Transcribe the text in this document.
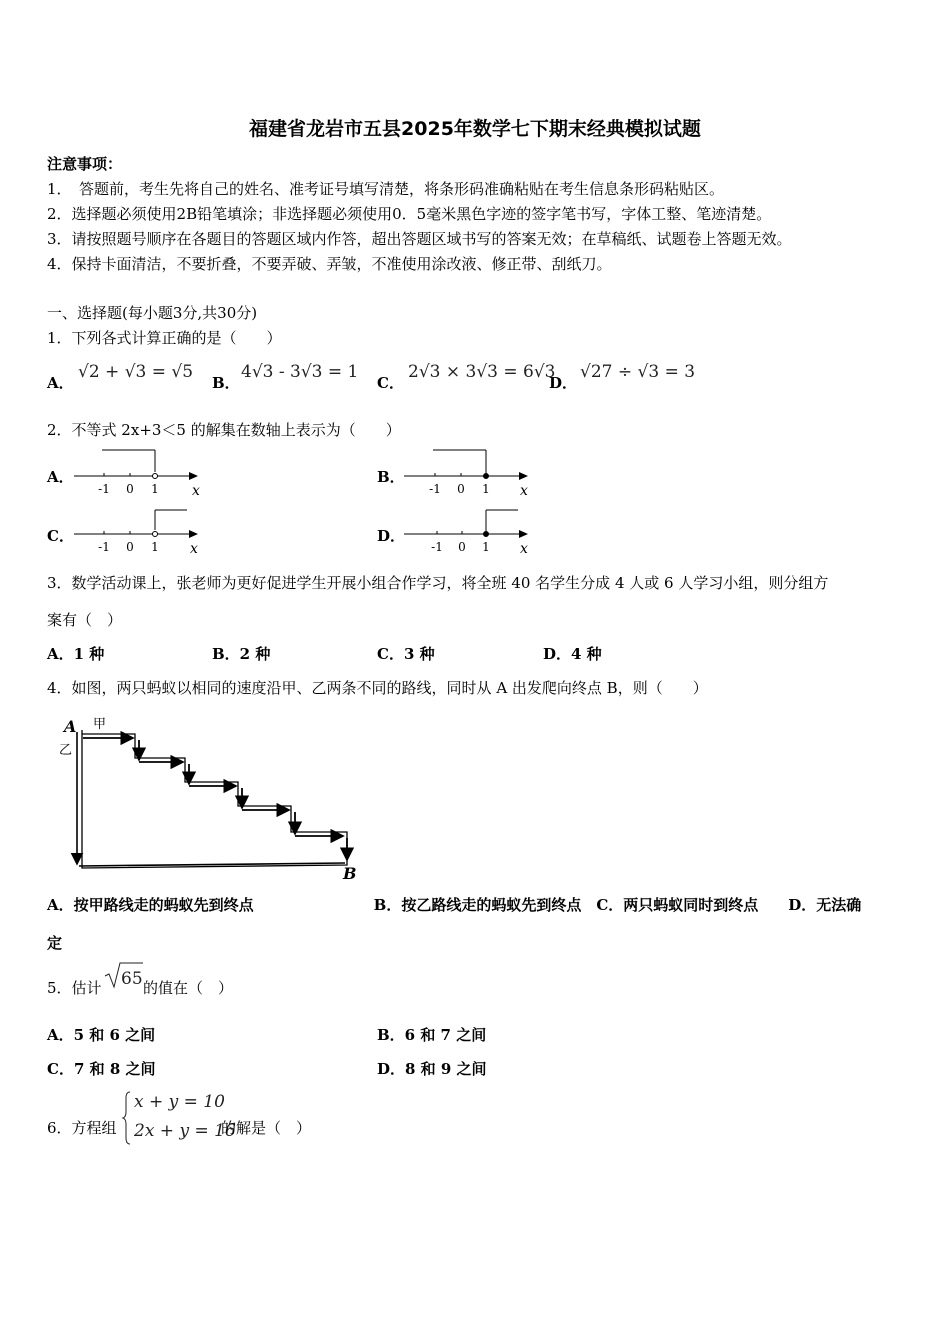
福建省龙岩市五县2025年数学七下期末经典模拟试题
注意事项：
1．　答题前，考生先将自己的姓名、准考证号填写清楚，将条形码准确粘贴在考生信息条形码粘贴区。
2．选择题必须使用2B铅笔填涂；非选择题必须使用0．5毫米黑色字迹的签字笔书写，字体工整、笔迹清楚。
3．请按照题号顺序在各题目的答题区域内作答，超出答题区域书写的答案无效；在草稿纸、试题卷上答题无效。
4．保持卡面清洁，不要折叠，不要弄破、弄皱，不准使用涂改液、修正带、刮纸刀。
一、选择题(每小题3分,共30分)
1．下列各式计算正确的是（　　）
A．
√2 + √3 = √5
B．
4√3 - 3√3 = 1
C．
2√3 × 3√3 = 6√3
D．
√27 ÷ √3 = 3
2．不等式 2x+3＜5 的解集在数轴上表示为（　　）
A．
-1 0 1 x
B．
-1 0 1 x
C．
-1 0 1 x
D．
-1 0 1 x
3．数学活动课上，张老师为更好促进学生开展小组合作学习，将全班 40 名学生分成 4 人或 6 人学习小组，则分组方
案有（　）
A．1 种	B．2 种	C．3 种	D．4 种
4．如图，两只蚂蚁以相同的速度沿甲、乙两条不同的路线，同时从 A 出发爬向终点 B，则（　　）
A 甲
乙
B
A．按甲路线走的蚂蚁先到终点　　　　　　　　B．按乙路线走的蚂蚁先到终点　C．两只蚂蚁同时到终点　　D．无法确
定
5．估计 65 的值在（　）
A．5 和 6 之间	B．6 和 7 之间
C．7 和 8 之间	D．8 和 9 之间
6．方程组
x + y = 10
2x + y = 16
的解是（　）
